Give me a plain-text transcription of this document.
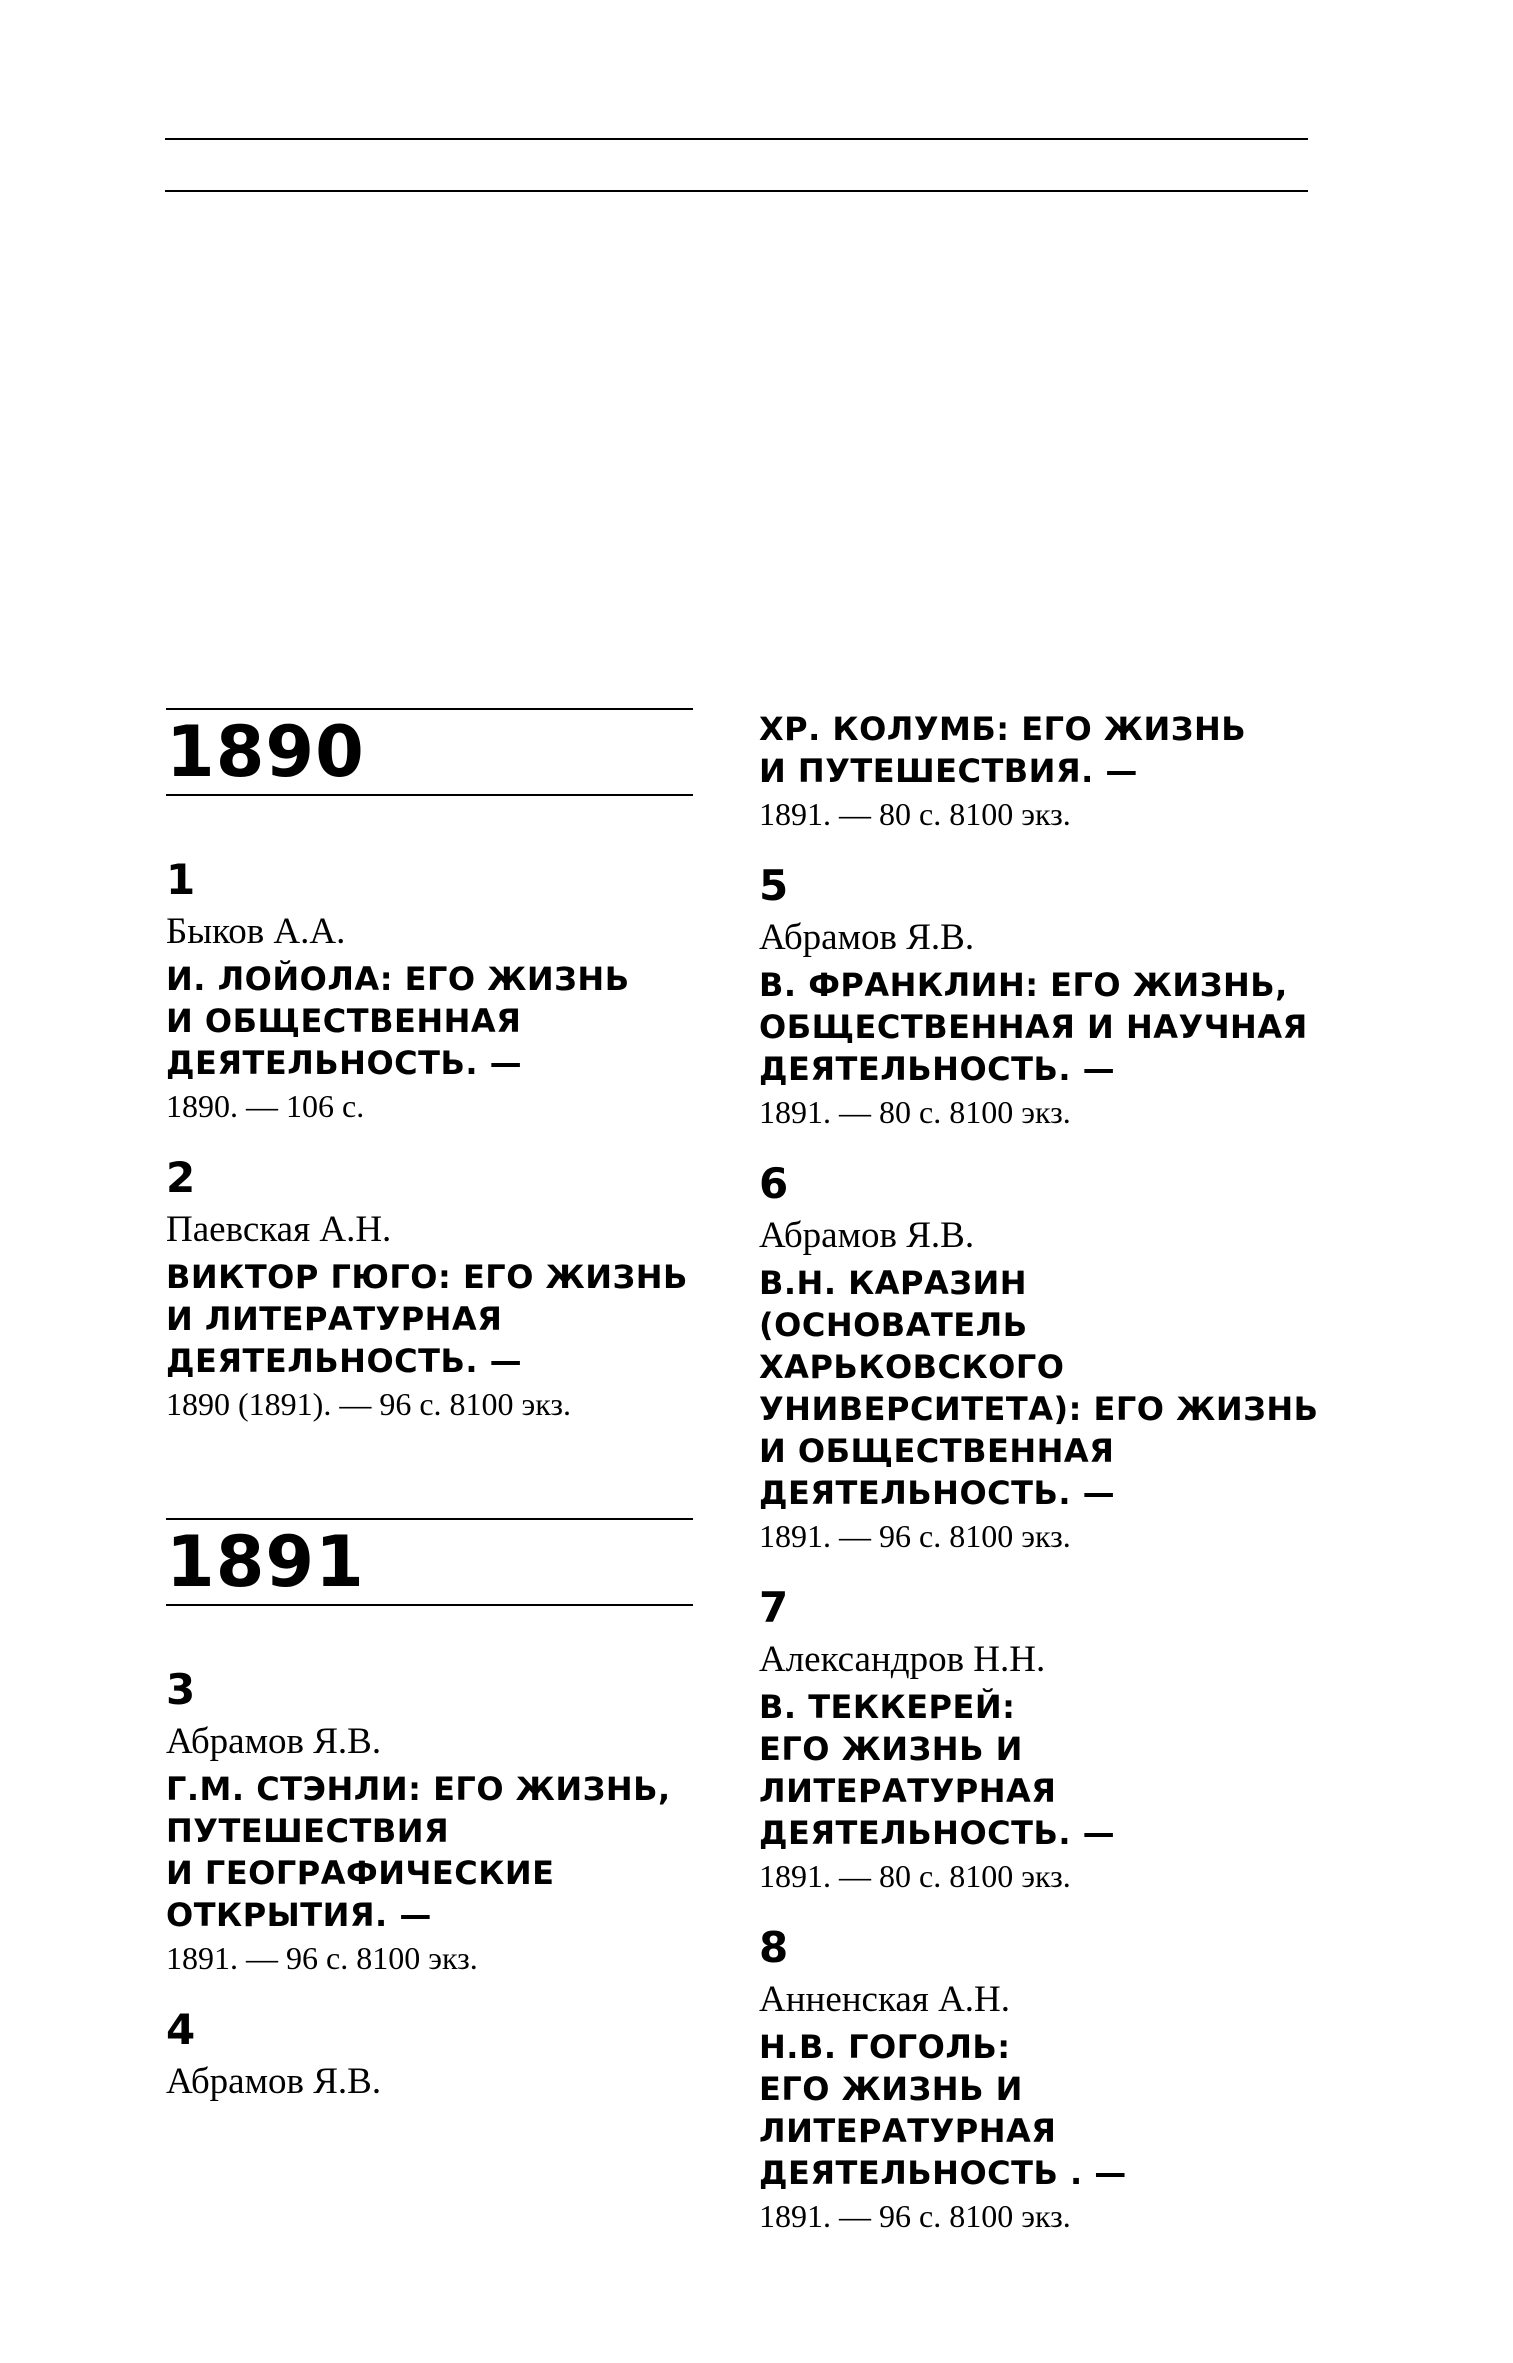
1890
1
Быков А.А.
И. ЛОЙОЛА: ЕГО ЖИЗНЬ
И ОБЩЕСТВЕННАЯ
ДЕЯТЕЛЬНОСТЬ. —
1890. — 106 с.
2
Паевская А.Н.
ВИКТОР ГЮГО: ЕГО ЖИЗНЬ
И ЛИТЕРАТУРНАЯ
ДЕЯТЕЛЬНОСТЬ. —
1890 (1891). — 96 с. 8100 экз.
1891
3
Абрамов Я.В.
Г.М. СТЭНЛИ: ЕГО ЖИЗНЬ,
ПУТЕШЕСТВИЯ
И ГЕОГРАФИЧЕСКИЕ
ОТКРЫТИЯ. —
1891. — 96 с. 8100 экз.
4
Абрамов Я.В.
ХР. КОЛУМБ: ЕГО ЖИЗНЬ
И ПУТЕШЕСТВИЯ. —
1891. — 80 с. 8100 экз.
5
Абрамов Я.В.
В. ФРАНКЛИН: ЕГО ЖИЗНЬ,
ОБЩЕСТВЕННАЯ И НАУЧНАЯ
ДЕЯТЕЛЬНОСТЬ. —
1891. — 80 с. 8100 экз.
6
Абрамов Я.В.
В.Н. КАРАЗИН
(ОСНОВАТЕЛЬ ХАРЬКОВСКОГО
УНИВЕРСИТЕТА): ЕГО ЖИЗНЬ
И ОБЩЕСТВЕННАЯ
ДЕЯТЕЛЬНОСТЬ. —
1891. — 96 с. 8100 экз.
7
Александров Н.Н.
В. ТЕККЕРЕЙ:
ЕГО ЖИЗНЬ И ЛИТЕРАТУРНАЯ
ДЕЯТЕЛЬНОСТЬ. —
1891. — 80 с. 8100 экз.
8
Анненская А.Н.
Н.В. ГОГОЛЬ:
ЕГО ЖИЗНЬ И ЛИТЕРАТУРНАЯ
ДЕЯТЕЛЬНОСТЬ . —
1891. — 96 с. 8100 экз.
